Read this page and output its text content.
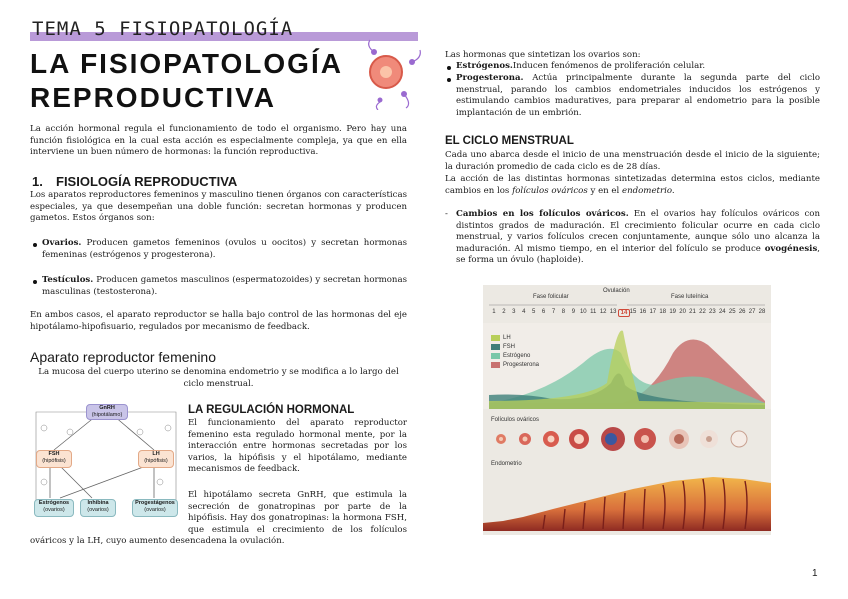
TEMA 5 FISIOPATOLOGÍA
LA FISIOPATOLOGÍA
REPRODUCTIVA
La acción hormonal regula el funcionamiento de todo el organismo. Pero hay una función fisiológica en la cual esta acción es especialmente compleja, ya que en ella interviene un buen número de hormonas: la función reproductiva.
1. FISIOLOGÍA REPRODUCTIVA
Los aparatos reproductores femeninos y masculino tienen órganos con características especiales, ya que desempeñan una doble función: secretan hormonas y producen gametos. Estos órganos son:
Ovarios. Producen gametos femeninos (ovulos u oocitos) y secretan hormonas femeninas (estrógenos y progesterona).
Testículos. Producen gametos masculinos (espermatozoides) y secretan hormonas masculinas (testosterona).
En ambos casos, el aparato reproductor se halla bajo control de las hormonas del eje hipotálamo-hipofisuario, regulados por mecanismo de feedback.
Aparato reproductor femenino
La mucosa del cuerpo uterino se denomina endometrio y se modifica a lo largo del ciclo menstrual.
GnRH
(hipotálamo)
FSH
(hipófisis)
LH
(hipófisis)
Estrógenos
(ovarios)
Inhibina
(ovarios)
Progestágenos
(ovarios)
LA REGULACIÓN HORMONAL
El funcionamiento del aparato reproductor femenino esta regulado hormonal mente, por la interacción entre hormonas secretadas por los varios, la hipófisis y el hipotálamo, mediante mecanismos de feedback.
El hipotálamo secreta GnRH, que estimula la secreción de gonatropinas por parte de la hipófisis. Hay dos gonatropinas: la hormona FSH, que estimula el crecimiento de los folículos ováricos y la LH, cuyo aumento desencadena la ovulación.
Las hormonas que sintetizan los ovarios son:
Estrógenos.Inducen fenómenos de proliferación celular.
Progesterona. Actúa principalmente durante la segunda parte del ciclo menstrual, parando los cambios endometriales inducidos los estrógenos y estimulando cambios maduratives, para preparar al endometrio para la posible implantación de un embrión.
EL CICLO MENSTRUAL
Cada uno abarca desde el inicio de una menstruación desde el inicio de la siguiente; la duración promedio de cada ciclo es de 28 días.
La acción de las distintas hormonas sintetizadas determina estos ciclos, mediante cambios en los folículos ováricos y en el endometrio.
- Cambios en los folículos ováricos. En el ovarios hay folículos ováricos con distintos grados de maduración. El crecimiento folicular ocurre en cada ciclo menstrual, y varios folículos crecen conjuntamente, aunque sólo uno alcanza la maduración. Al mismo tiempo, en el interior del folículo se produce ovogénesis, se forma un óvulo (haploide).
Fase folicular
Ovulación
Fase luteínica
1	2	3	4	5	6	7	8	9 10 11 12 13 14 15 16 17 18 19 20 21 22 23 24 25 26 27 28
LH
FSH
Estrógeno
Progesterona
Folículos ováricos
Endometrio
1
